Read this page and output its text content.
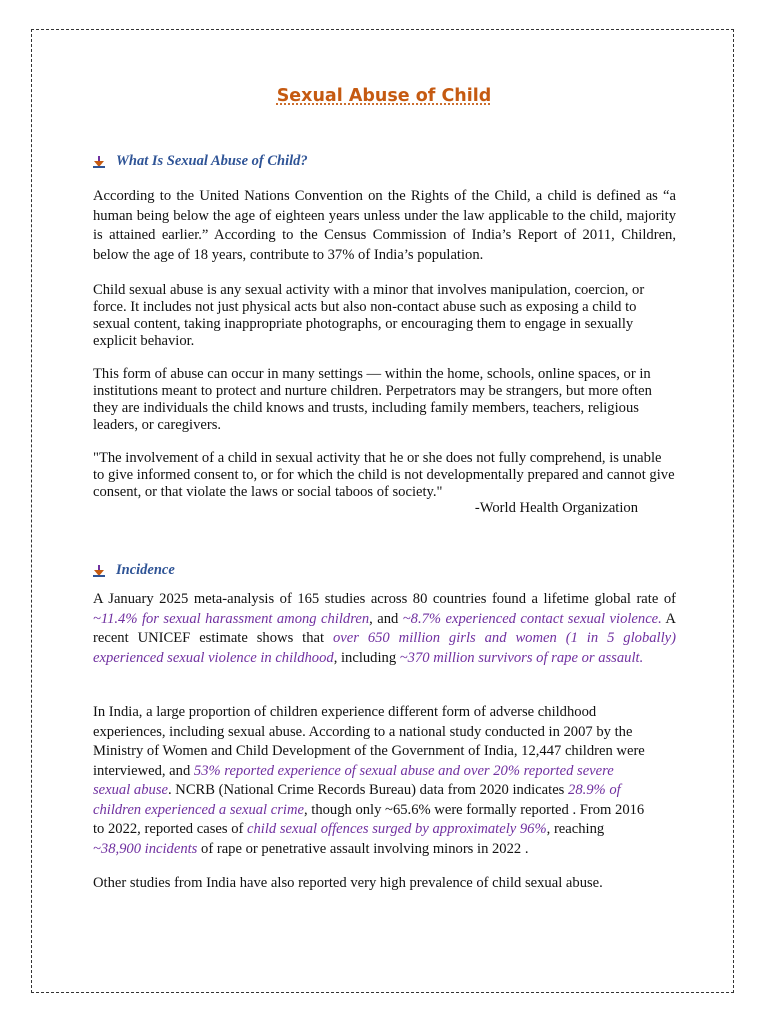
Sexual Abuse of Child
What Is Sexual Abuse of Child?

According to the United Nations Convention on the Rights of the Child, a child is defined as “a human being below the age of eighteen years unless under the law applicable to the child, majority is attained earlier.” According to the Census Commission of India’s Report of 2011, Children, below the age of 18 years, contribute to 37% of India’s population.

Child sexual abuse is any sexual activity with a minor that involves manipulation, coercion, or force. It includes not just physical acts but also non-contact abuse such as exposing a child to sexual content, taking inappropriate photographs, or encouraging them to engage in sexually explicit behavior.

This form of abuse can occur in many settings — within the home, schools, online spaces, or in institutions meant to protect and nurture children. Perpetrators may be strangers, but more often they are individuals the child knows and trusts, including family members, teachers, religious leaders, or caregivers.

"The involvement of a child in sexual activity that he or she does not fully comprehend, is unable to give informed consent to, or for which the child is not developmentally prepared and cannot give consent, or that violate the laws or social taboos of society."

-World Health Organization
Incidence

A January 2025 meta-analysis of 165 studies across 80 countries found a lifetime global rate of ~11.4% for sexual harassment among children, and ~8.7% experienced contact sexual violence. A recent UNICEF estimate shows that over 650 million girls and women (1 in 5 globally) experienced sexual violence in childhood, including ~370 million survivors of rape or assault.

In India, a large proportion of children experience different form of adverse childhood experiences, including sexual abuse. According to a national study conducted in 2007 by the Ministry of Women and Child Development of the Government of India, 12,447 children were interviewed, and 53% reported experience of sexual abuse and over 20% reported severe sexual abuse. NCRB (National Crime Records Bureau) data from 2020 indicates 28.9% of children experienced a sexual crime, though only ~65.6% were formally reported . From 2016 to 2022, reported cases of child sexual offences surged by approximately 96%, reaching ~38,900 incidents of rape or penetrative assault involving minors in 2022 .

Other studies from India have also reported very high prevalence of child sexual abuse.
